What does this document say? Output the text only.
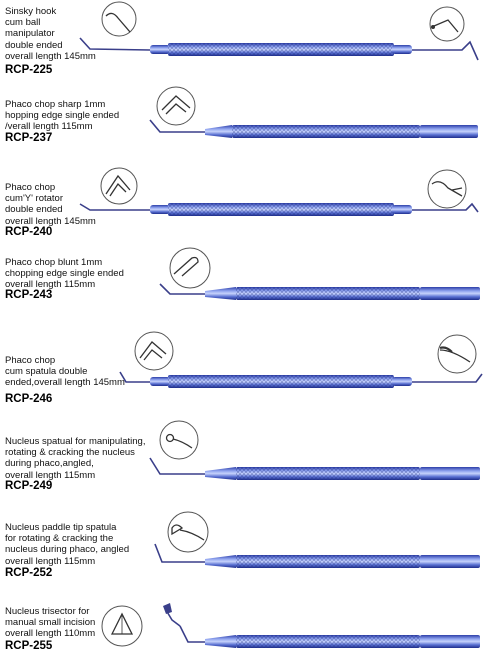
Sinsky hook
cum ball
manipulator
double ended
overall length 145mm
RCP-225
Phaco chop sharp 1mm
hopping edge single ended
/verall length 115mm
RCP-237
Phaco chop
cum'Y' rotator
double ended
overall length 145mm
RCP-240
Phaco chop blunt 1mm
chopping edge single ended
overall length 115mm
RCP-243
Phaco chop
cum spatula double
ended,overall length 145mm
RCP-246
Nucleus spatual for manipulating,
rotating & cracking the nucleus
during phaco,angled,
overall length 115mm
RCP-249
Nucleus paddle tip spatula
for rotating & cracking the
nucleus during phaco, angled
overall length 115mm
RCP-252
Nucleus trisector for
manual small incision
overall length 110mm
RCP-255
